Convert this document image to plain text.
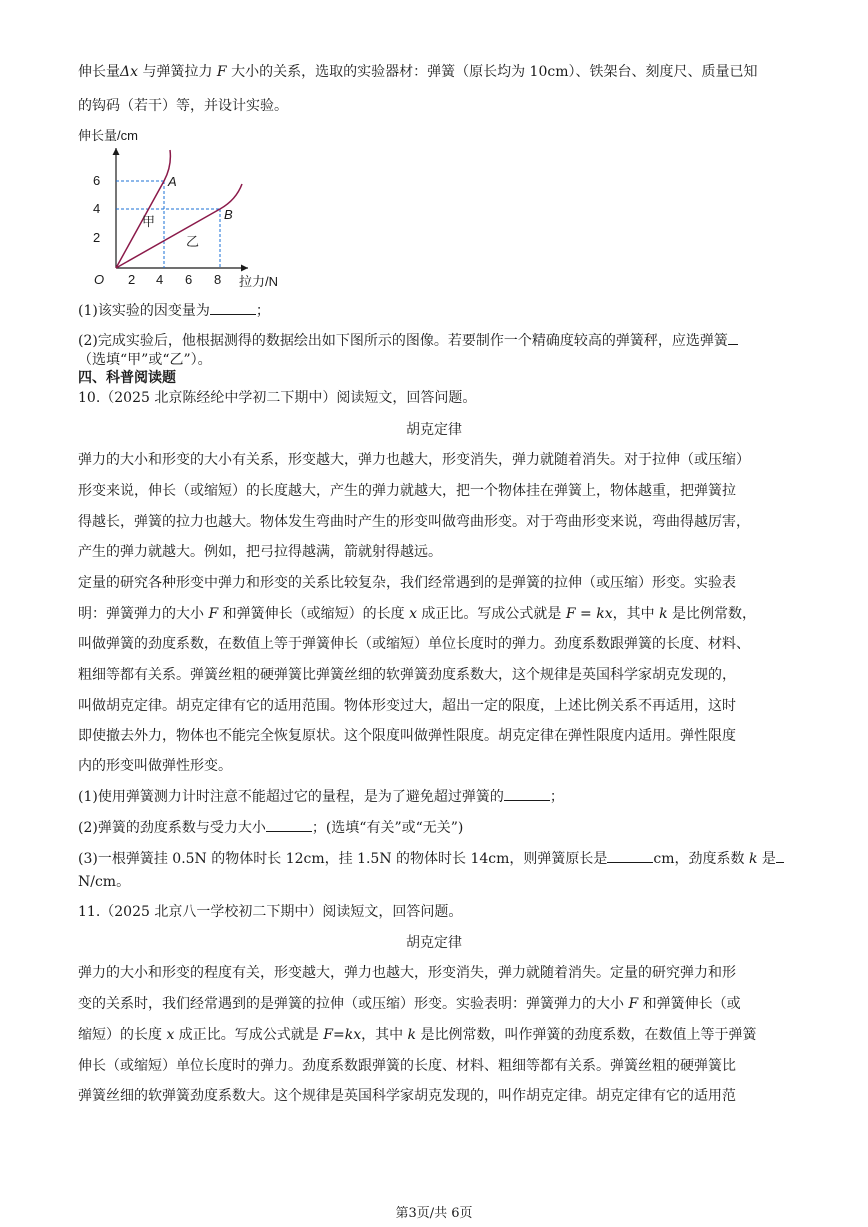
伸长量Δx 与弹簧拉力 F 大小的关系，选取的实验器材：弹簧（原长均为 10cm）、铁架台、刻度尺、质量已知
的钩码（若干）等，并设计实验。
伸长量/cm
拉力/N
O
2
4
6
2 4 6 8
A
B
甲
乙
(1)该实验的因变量为	；
(2)完成实验后，他根据测得的数据绘出如下图所示的图像。若要制作一个精确度较高的弹簧秤，应选弹簧
（选填“甲”或“乙”）。
四、科普阅读题
10.（2025 北京陈经纶中学初二下期中）阅读短文，回答问题。
胡克定律
弹力的大小和形变的大小有关系，形变越大，弹力也越大，形变消失，弹力就随着消失。对于拉伸（或压缩）
形变来说，伸长（或缩短）的长度越大，产生的弹力就越大，把一个物体挂在弹簧上，物体越重，把弹簧拉
得越长，弹簧的拉力也越大。物体发生弯曲时产生的形变叫做弯曲形变。对于弯曲形变来说，弯曲得越厉害，
产生的弹力就越大。例如，把弓拉得越满，箭就射得越远。
定量的研究各种形变中弹力和形变的关系比较复杂，我们经常遇到的是弹簧的拉伸（或压缩）形变。实验表
明：弹簧弹力的大小 F 和弹簧伸长（或缩短）的长度 x 成正比。写成公式就是 F = kx，其中 k 是比例常数，
叫做弹簧的劲度系数，在数值上等于弹簧伸长（或缩短）单位长度时的弹力。劲度系数跟弹簧的长度、材料、
粗细等都有关系。弹簧丝粗的硬弹簧比弹簧丝细的软弹簧劲度系数大，这个规律是英国科学家胡克发现的，
叫做胡克定律。胡克定律有它的适用范围。物体形变过大，超出一定的限度，上述比例关系不再适用，这时
即使撤去外力，物体也不能完全恢复原状。这个限度叫做弹性限度。胡克定律在弹性限度内适用。弹性限度
内的形变叫做弹性形变。
(1)使用弹簧测力计时注意不能超过它的量程，是为了避免超过弹簧的	；
(2)弹簧的劲度系数与受力大小	；(选填“有关”或“无关”)
(3)一根弹簧挂 0.5N 的物体时长 12cm，挂 1.5N 的物体时长 14cm，则弹簧原长是	cm，劲度系数 k 是
N/cm。
11.（2025 北京八一学校初二下期中）阅读短文，回答问题。
胡克定律
弹力的大小和形变的程度有关，形变越大，弹力也越大，形变消失，弹力就随着消失。定量的研究弹力和形
变的关系时，我们经常遇到的是弹簧的拉伸（或压缩）形变。实验表明：弹簧弹力的大小 F 和弹簧伸长（或
缩短）的长度 x 成正比。写成公式就是 F=kx，其中 k 是比例常数，叫作弹簧的劲度系数，在数值上等于弹簧
伸长（或缩短）单位长度时的弹力。劲度系数跟弹簧的长度、材料、粗细等都有关系。弹簧丝粗的硬弹簧比
弹簧丝细的软弹簧劲度系数大。这个规律是英国科学家胡克发现的，叫作胡克定律。胡克定律有它的适用范
第3页/共 6页
